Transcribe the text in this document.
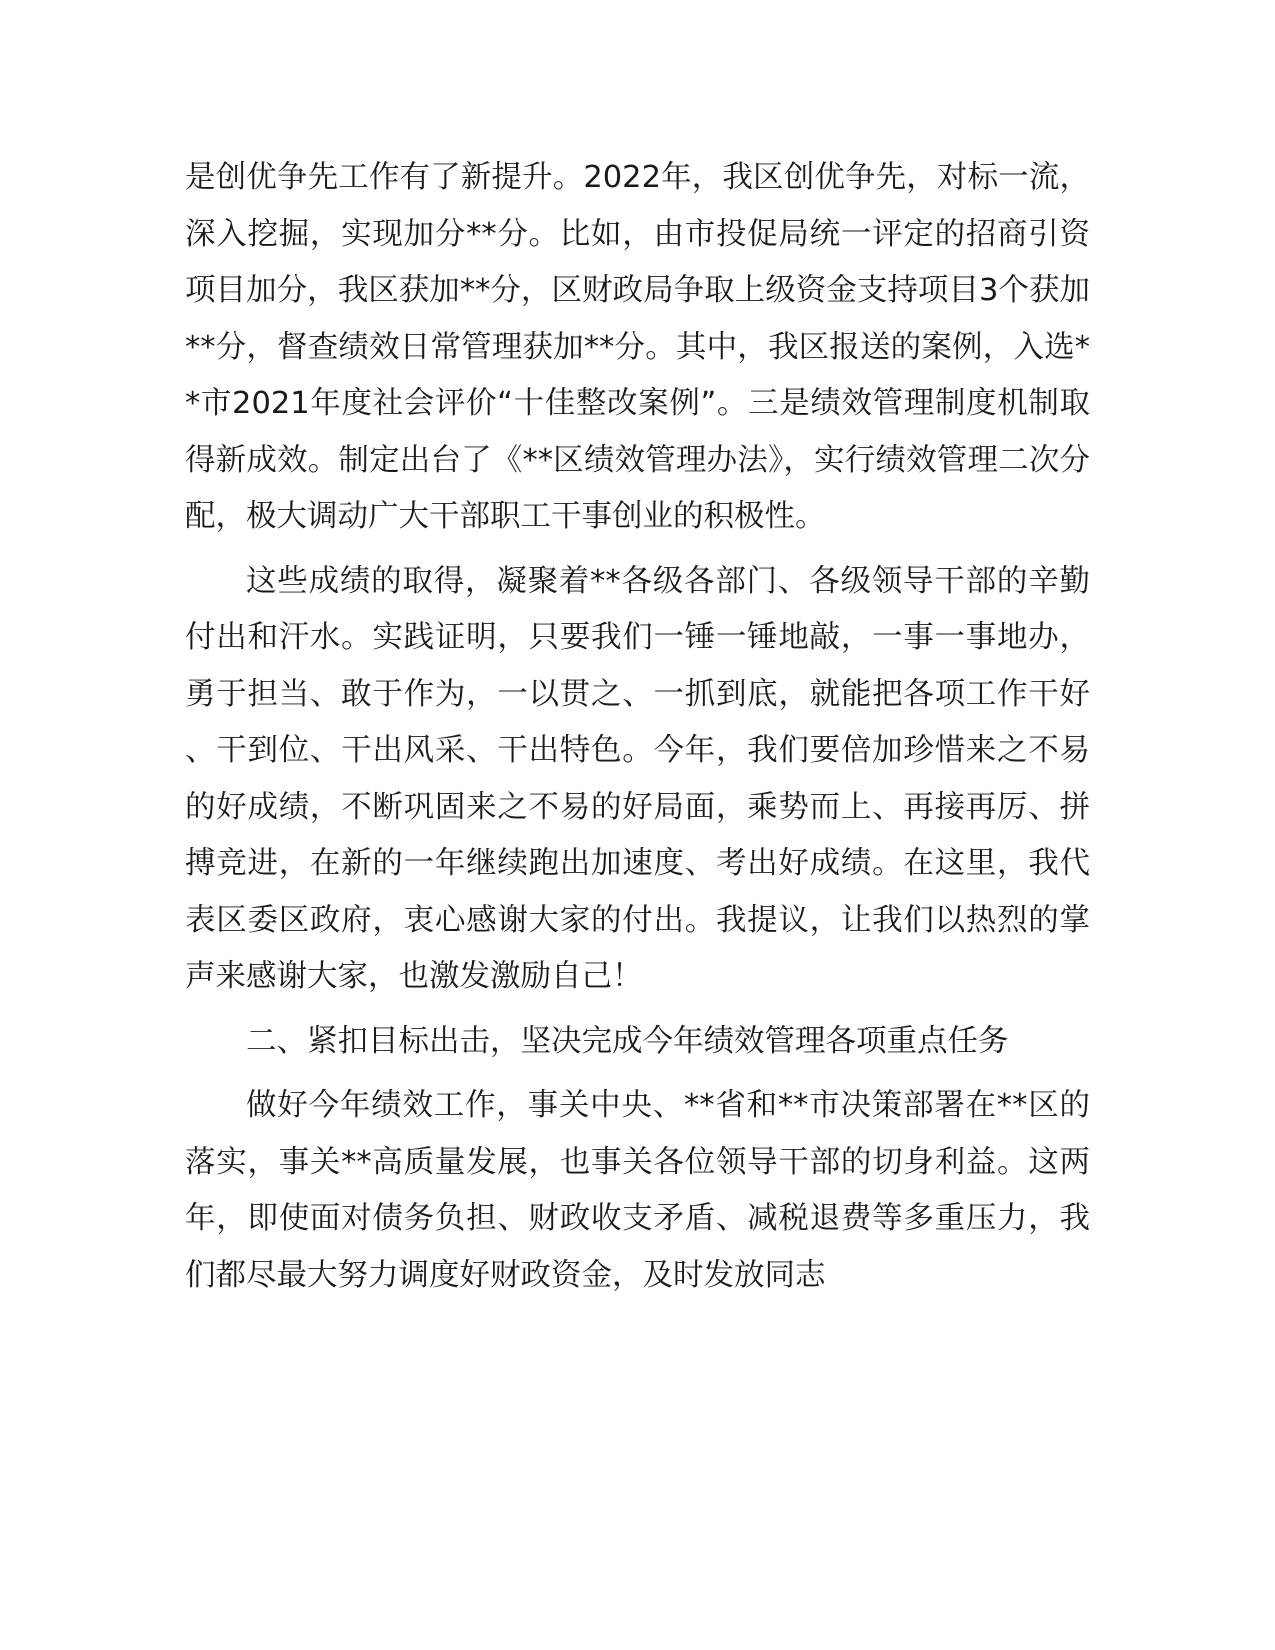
是创优争先工作有了新提升。2022年，我区创优争先，对标一流，深入挖掘，实现加分**分。比如，由市投促局统一评定的招商引资项目加分，我区获加**分，区财政局争取上级资金支持项目3个获加**分，督查绩效日常管理获加**分。其中，我区报送的案例，入选**市2021年度社会评价“十佳整改案例”。三是绩效管理制度机制取得新成效。制定出台了《**区绩效管理办法》，实行绩效管理二次分配，极大调动广大干部职工干事创业的积极性。

这些成绩的取得，凝聚着**各级各部门、各级领导干部的辛勤付出和汗水。实践证明，只要我们一锤一锤地敲，一事一事地办，勇于担当、敢于作为，一以贯之、一抓到底，就能把各项工作干好、干到位、干出风采、干出特色。今年，我们要倍加珍惜来之不易的好成绩，不断巩固来之不易的好局面，乘势而上、再接再厉、拼搏竞进，在新的一年继续跑出加速度、考出好成绩。在这里，我代表区委区政府，衷心感谢大家的付出。我提议，让我们以热烈的掌声来感谢大家，也激发激励自己！

二、紧扣目标出击，坚决完成今年绩效管理各项重点任务

做好今年绩效工作，事关中央、**省和**市决策部署在**区的落实，事关**高质量发展，也事关各位领导干部的切身利益。这两年，即使面对债务负担、财政收支矛盾、减税退费等多重压力，我们都尽最大努力调度好财政资金，及时发放同志
